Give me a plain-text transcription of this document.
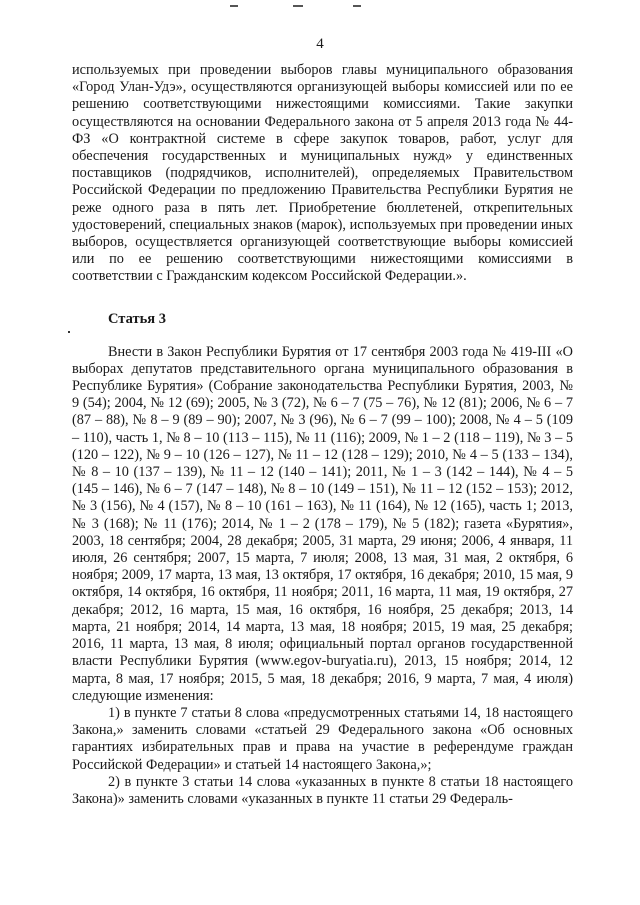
4

используемых при проведении выборов главы муниципального образования «Город Улан-Удэ», осуществляются организующей выборы комиссией или по ее решению соответствующими нижестоящими комиссиями. Такие закупки осуществляются на основании Федерального закона от 5 апреля 2013 года № 44-ФЗ «О контрактной системе в сфере закупок товаров, работ, услуг для обеспечения государственных и муниципальных нужд» у единственных поставщиков (подрядчиков, исполнителей), определяемых Правительством Российской Федерации по предложению Правительства Республики Бурятия не реже одного раза в пять лет. Приобретение бюллетеней, открепительных удостоверений, специальных знаков (марок), используемых при проведении иных выборов, осуществляется организующей соответствующие выборы комиссией или по ее решению соответствующими нижестоящими комиссиями в соответствии с Гражданским кодексом Российской Федерации.».

Статья 3

Внести в Закон Республики Бурятия от 17 сентября 2003 года № 419-III «О выборах депутатов представительного органа муниципального образования в Республике Бурятия» (Собрание законодательства Республики Бурятия, 2003, № 9 (54); 2004, № 12 (69); 2005, № 3 (72), № 6 – 7 (75 – 76), № 12 (81); 2006, № 6 – 7 (87 – 88), № 8 – 9 (89 – 90); 2007, № 3 (96), № 6 – 7 (99 – 100); 2008, № 4 – 5 (109 – 110), часть 1, № 8 – 10 (113 – 115), № 11 (116); 2009, № 1 – 2 (118 – 119), № 3 – 5 (120 – 122), № 9 – 10 (126 – 127), № 11 – 12 (128 – 129); 2010, № 4 – 5 (133 – 134), № 8 – 10 (137 – 139), № 11 – 12 (140 – 141); 2011, № 1 – 3 (142 – 144), № 4 – 5 (145 – 146), № 6 – 7 (147 – 148), № 8 – 10 (149 – 151), № 11 – 12 (152 – 153); 2012, № 3 (156), № 4 (157), № 8 – 10 (161 – 163), № 11 (164), № 12 (165), часть 1; 2013, № 3 (168); № 11 (176); 2014, № 1 – 2 (178 – 179), № 5 (182); газета «Бурятия», 2003, 18 сентября; 2004, 28 декабря; 2005, 31 марта, 29 июня; 2006, 4 января, 11 июля, 26 сентября; 2007, 15 марта, 7 июля; 2008, 13 мая, 31 мая, 2 октября, 6 ноября; 2009, 17 марта, 13 мая, 13 октября, 17 октября, 16 декабря; 2010, 15 мая, 9 октября, 14 октября, 16 октября, 11 ноября; 2011, 16 марта, 11 мая, 19 октября, 27 декабря; 2012, 16 марта, 15 мая, 16 октября, 16 ноября, 25 декабря; 2013, 14 марта, 21 ноября; 2014, 14 марта, 13 мая, 18 ноября; 2015, 19 мая, 25 декабря; 2016, 11 марта, 13 мая, 8 июля; официальный портал органов государственной власти Республики Бурятия (www.egov-buryatia.ru), 2013, 15 ноября; 2014, 12 марта, 8 мая, 17 ноября; 2015, 5 мая, 18 декабря; 2016, 9 марта, 7 мая, 4 июля) следующие изменения:

1) в пункте 7 статьи 8 слова «предусмотренных статьями 14, 18 настоящего Закона,» заменить словами «статьей 29 Федерального закона «Об основных гарантиях избирательных прав и права на участие в референдуме граждан Российской Федерации» и статьей 14 настоящего Закона,»;

2) в пункте 3 статьи 14 слова «указанных в пункте 8 статьи 18 настоящего Закона)» заменить словами «указанных в пункте 11 статьи 29 Федераль-
